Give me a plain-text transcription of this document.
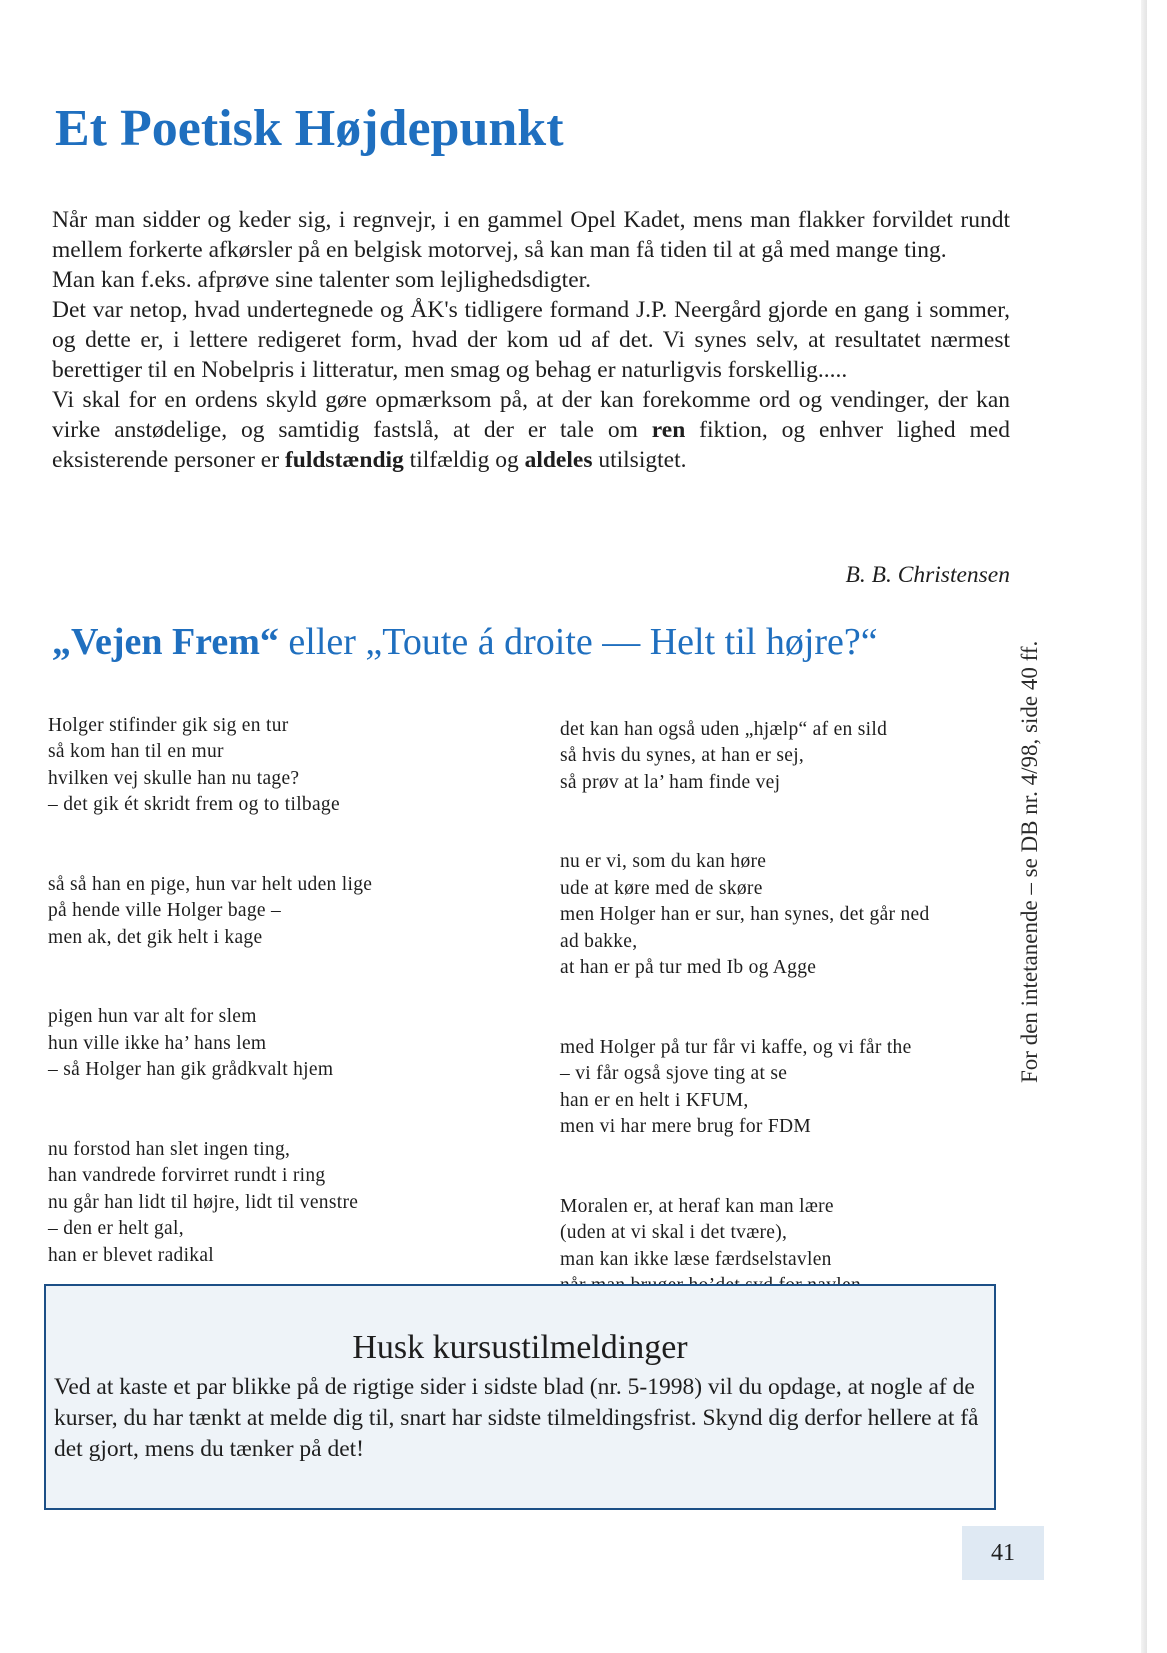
Et Poetisk Højdepunkt

Når man sidder og keder sig, i regnvejr, i en gammel Opel Kadet, mens man flakker forvildet rundt mellem forkerte afkørsler på en belgisk motorvej, så kan man få tiden til at gå med mange ting.

Man kan f.eks. afprøve sine talenter som lejlighedsdigter.

Det var netop, hvad undertegnede og ÅK's tidligere formand J.P. Neergård gjorde en gang i sommer, og dette er, i lettere redigeret form, hvad der kom ud af det. Vi synes selv, at resultatet nærmest berettiger til en Nobelpris i litteratur, men smag og behag er naturligvis forskellig.....

Vi skal for en ordens skyld gøre opmærksom på, at der kan forekomme ord og vendinger, der kan virke anstødelige, og samtidig fastslå, at der er tale om ren fiktion, og enhver lighed med eksisterende personer er fuldstændig tilfældig og aldeles utilsigtet.

B. B. Christensen
„Vejen Frem“ eller „Toute á droite — Helt til højre?“

Holger stifinder gik sig en tur
så kom han til en mur
hvilken vej skulle han nu tage?
– det gik ét skridt frem og to tilbage

så så han en pige, hun var helt uden lige
på hende ville Holger bage –
men ak, det gik helt i kage

pigen hun var alt for slem
hun ville ikke ha’ hans lem
– så Holger han gik grådkvalt hjem

nu forstod han slet ingen ting,
han vandrede forvirret rundt i ring
nu går han lidt til højre, lidt til venstre
– den er helt gal,
han er blevet radikal

det kan han også uden „hjælp“ af en sild
så hvis du synes, at han er sej,
så prøv at la’ ham finde vej

nu er vi, som du kan høre
ude at køre med de skøre
men Holger han er sur, han synes, det går ned
ad bakke,
at han er på tur med Ib og Agge

med Holger på tur får vi kaffe, og vi får the
– vi får også sjove ting at se
han er en helt i KFUM,
men vi har mere brug for FDM

Moralen er, at heraf kan man lære
(uden at vi skal i det tvære),
man kan ikke læse færdselstavlen

For den intetanende – se DB nr. 4/98, side 40 ff.
Husk kursustilmeldinger

Ved at kaste et par blikke på de rigtige sider i sidste blad (nr. 5-1998) vil du opdage, at nogle af de kurser, du har tænkt at melde dig til, snart har sidste tilmeldingsfrist. Skynd dig derfor hellere at få det gjort, mens du tænker på det!

41
